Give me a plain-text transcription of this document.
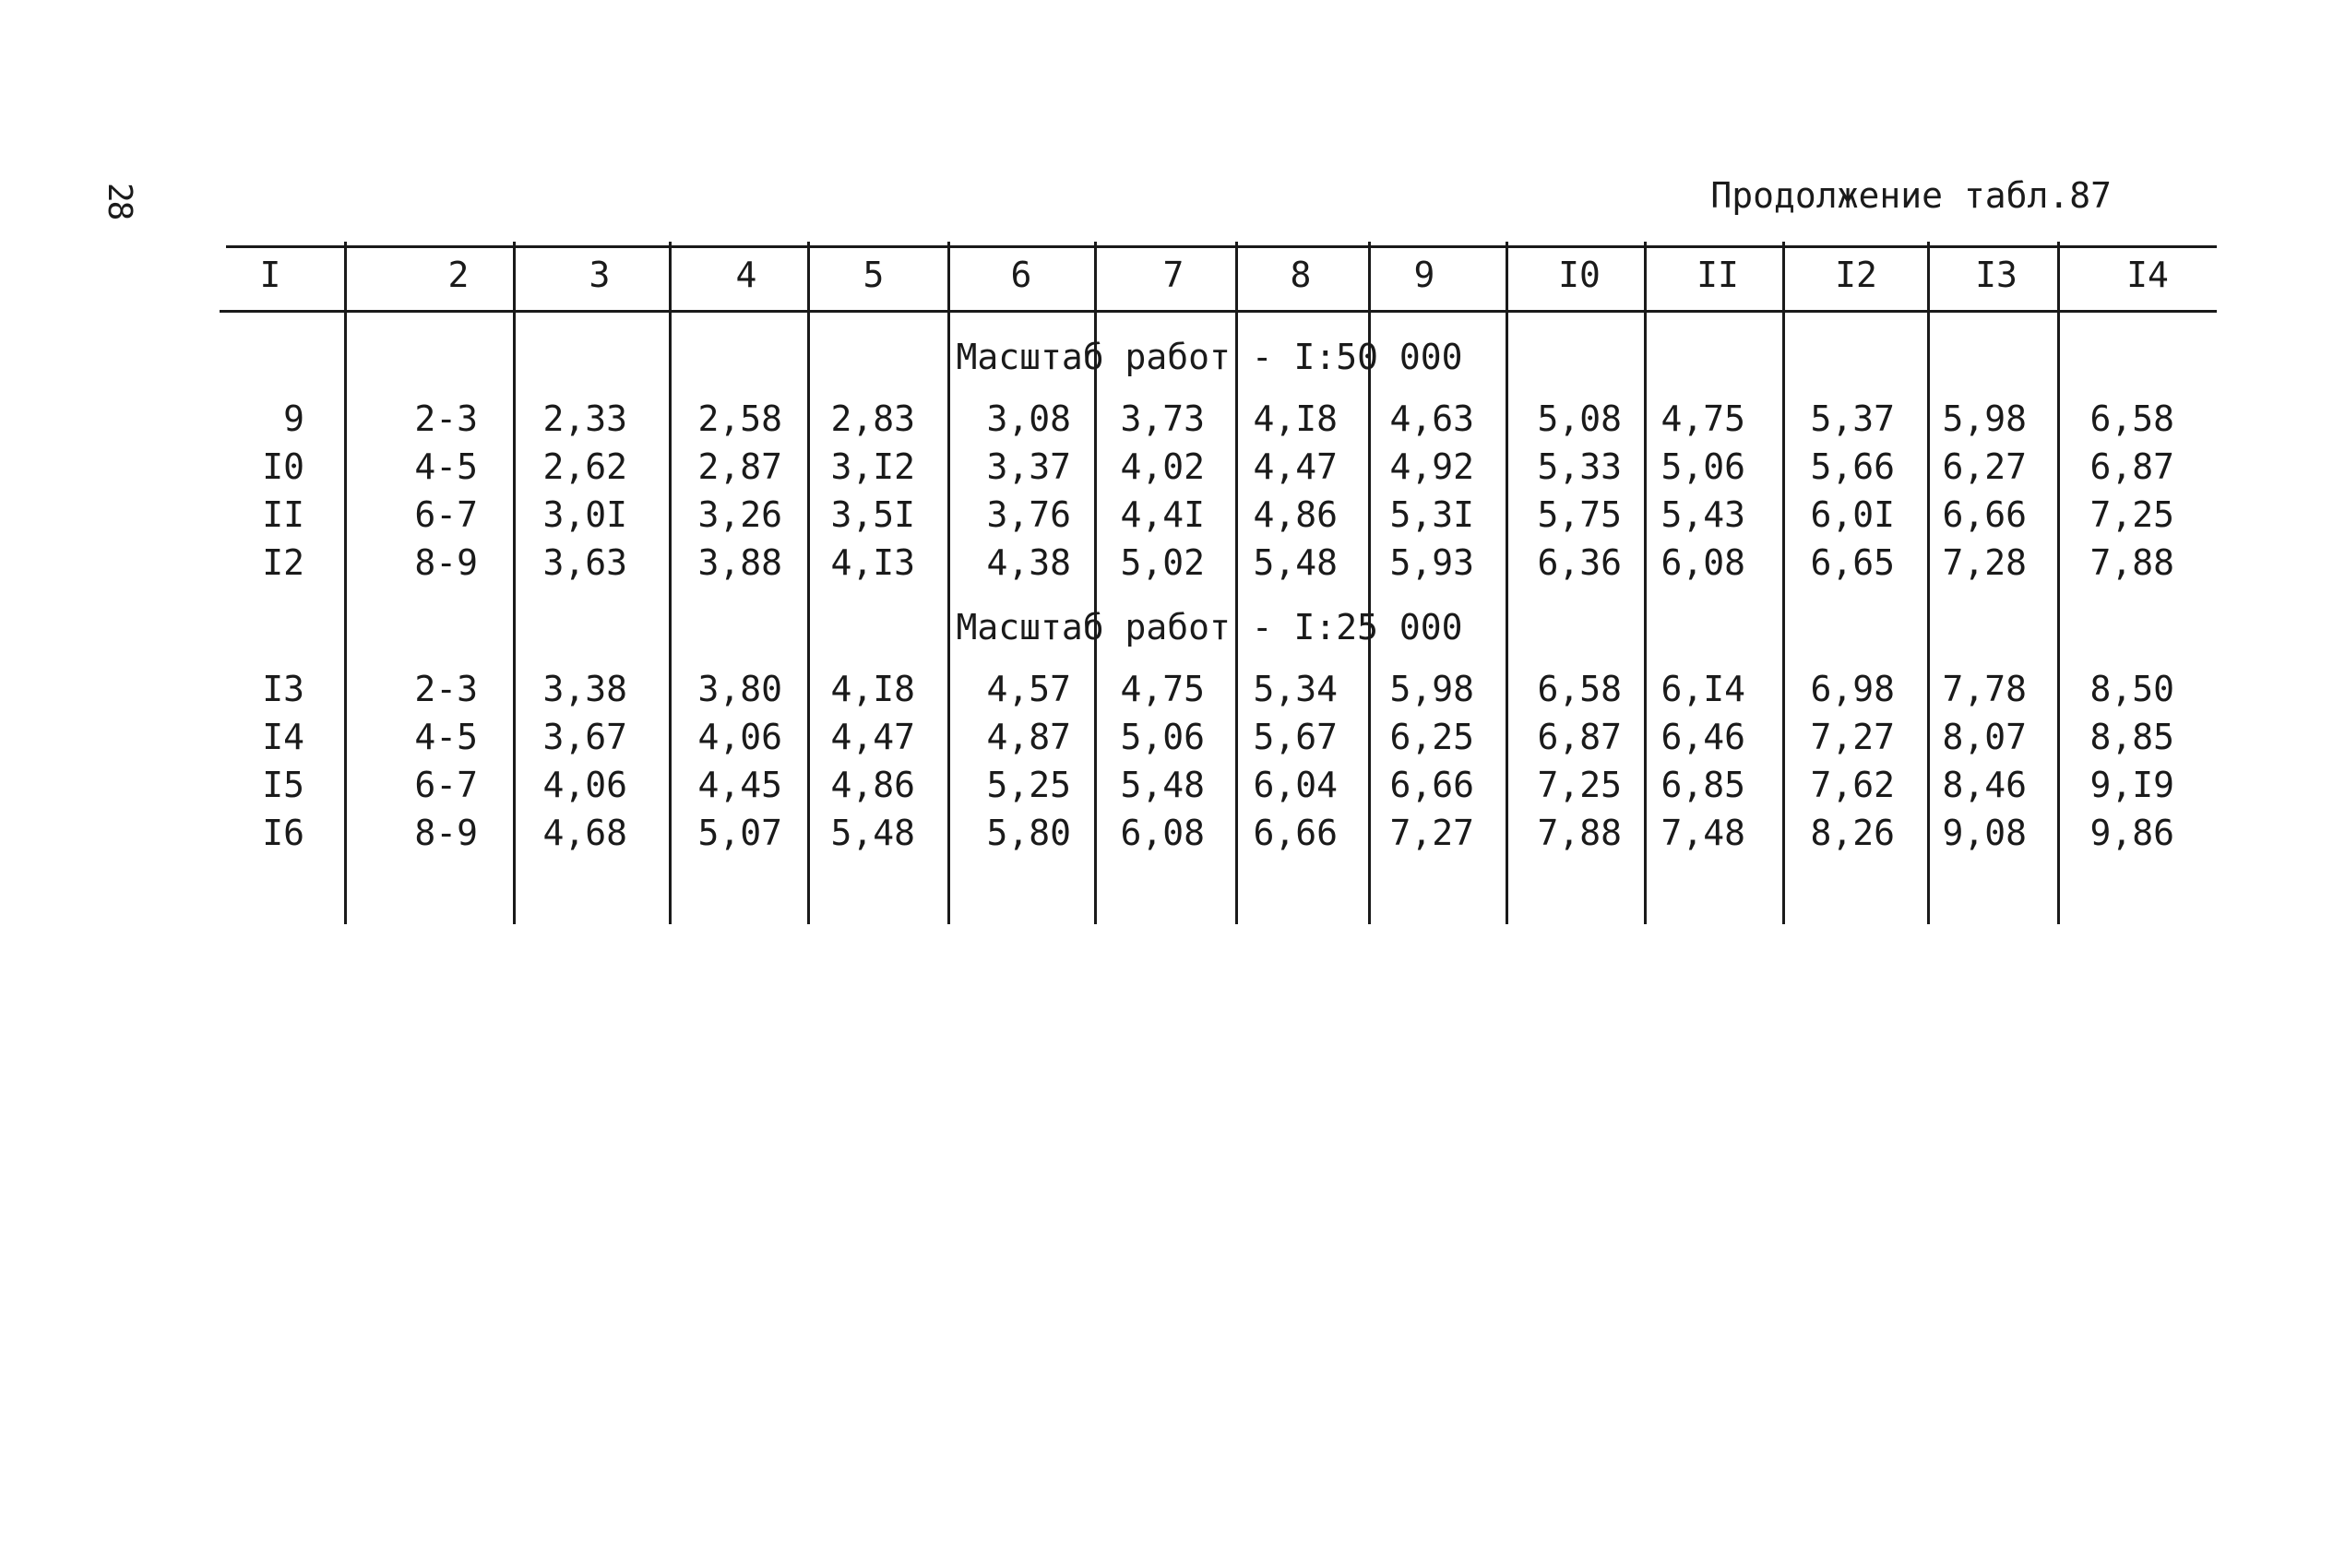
28	Продолжение табл.87
I	2	3	4	5	6	7	8	9	I0	II	I2	I3	I4
Масштаб работ - I:50 000
9	2-3 2,33 2,58 2,83 3,08 3,73 4,I8 4,63 5,08 4,75 5,37 5,98 6,58
I0	4-5 2,62 2,87 3,I2 3,37 4,02 4,47 4,92 5,33 5,06 5,66 6,27 6,87
II	6-7 3,0I 3,26 3,5I 3,76 4,4I 4,86 5,3I 5,75 5,43 6,0I 6,66 7,25
I2	8-9 3,63 3,88 4,I3 4,38 5,02 5,48 5,93 6,36 6,08 6,65 7,28 7,88
Масштаб работ - I:25 000
I3	2-3 3,38 3,80 4,I8 4,57 4,75 5,34 5,98 6,58 6,I4 6,98 7,78 8,50
I4	4-5 3,67 4,06 4,47 4,87 5,06 5,67 6,25 6,87 6,46 7,27 8,07 8,85
I5	6-7 4,06 4,45 4,86 5,25 5,48 6,04 6,66 7,25 6,85 7,62 8,46 9,I9
I6	8-9 4,68 5,07 5,48 5,80 6,08 6,66 7,27 7,88 7,48 8,26 9,08 9,86
